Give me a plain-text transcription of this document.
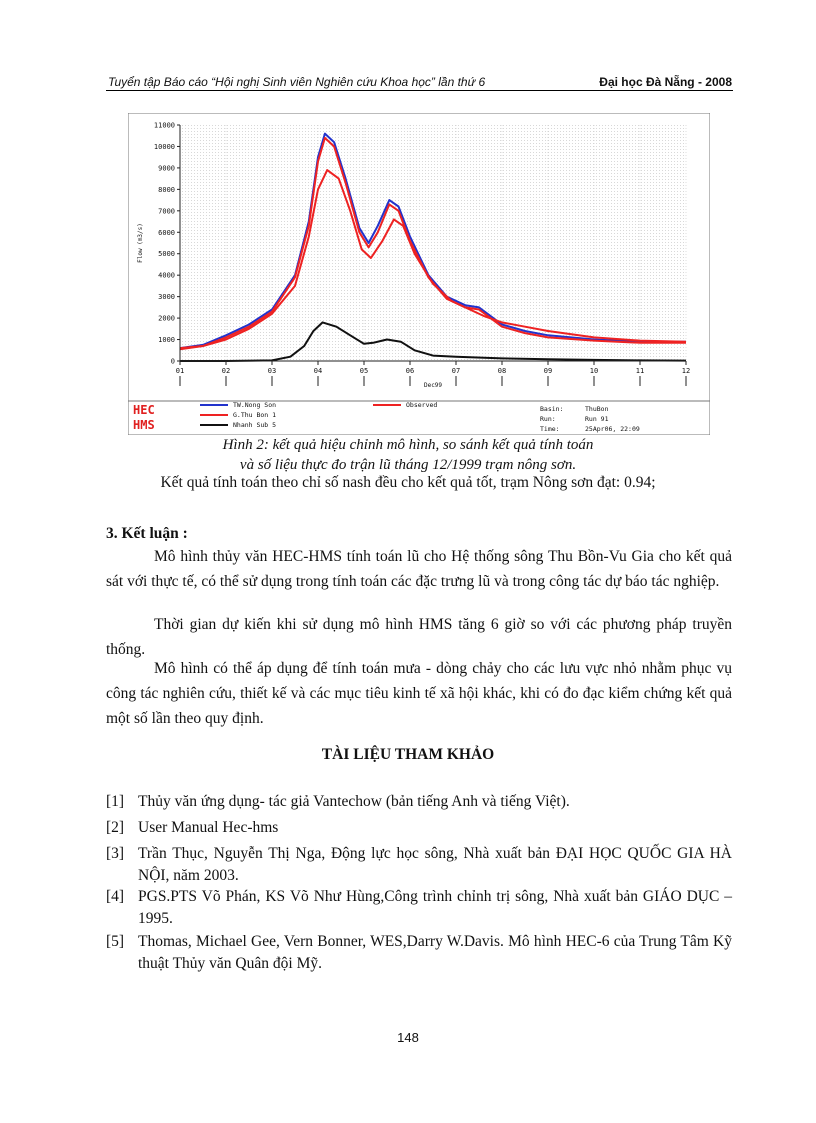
Tuyển tập Báo cáo “Hội nghị Sinh viên Nghiên cứu Khoa học” lần thứ 6	Đại học Đà Nẵng - 2008
0
1000
2000
3000
4000
5000
6000
7000
8000
9000
10000
11000
01	02	03	04	05	06	07	08	09	10	11	12
Flow (m3/s)
Dec99
HEC
HMS
TW.Nong Son
G.Thu Bon 1
Observed
Nhanh Sub 5
Basin:	ThuBon
Run:	Run 91
Time:	25Apr06, 22:09
Hình 2: kết quả hiệu chỉnh mô hình, so sánh kết quả tính toán
và số liệu thực đo trận lũ tháng 12/1999 trạm nông sơn.
Kết quả tính toán theo chỉ số nash đều cho kết quả tốt, trạm Nông sơn đạt: 0.94;
3. Kết luận :
Mô hình thủy văn HEC-HMS tính toán lũ cho Hệ thống sông Thu Bồn-Vu Gia cho kết quả sát với thực tế, có thể sử dụng trong tính toán các đặc trưng lũ và trong công tác dự báo tác nghiệp.
Thời gian dự kiến khi sử dụng mô hình HMS tăng 6 giờ so với các phương pháp truyền thống.
Mô hình có thể áp dụng để tính toán mưa - dòng chảy cho các lưu vực nhỏ nhằm phục vụ công tác nghiên cứu, thiết kế và các mục tiêu kinh tế xã hội khác, khi có đo đạc kiểm chứng kết quả một số lần theo quy định.
TÀI LIỆU THAM KHẢO
[1] Thủy văn ứng dụng- tác giả Vantechow (bản tiếng Anh và tiếng Việt).
[2] User Manual Hec-hms
[3] Trần Thục, Nguyễn Thị Nga, Động lực học sông, Nhà xuất bản ĐẠI HỌC QUỐC GIA HÀ NỘI, năm 2003.
[4] PGS.PTS Võ Phán, KS Võ Như Hùng,Công trình chỉnh trị sông, Nhà xuất bản GIÁO DỤC – 1995.
[5] Thomas, Michael Gee, Vern Bonner, WES,Darry W.Davis. Mô hình HEC-6 của Trung Tâm Kỹ thuật Thủy văn Quân đội Mỹ.
148
